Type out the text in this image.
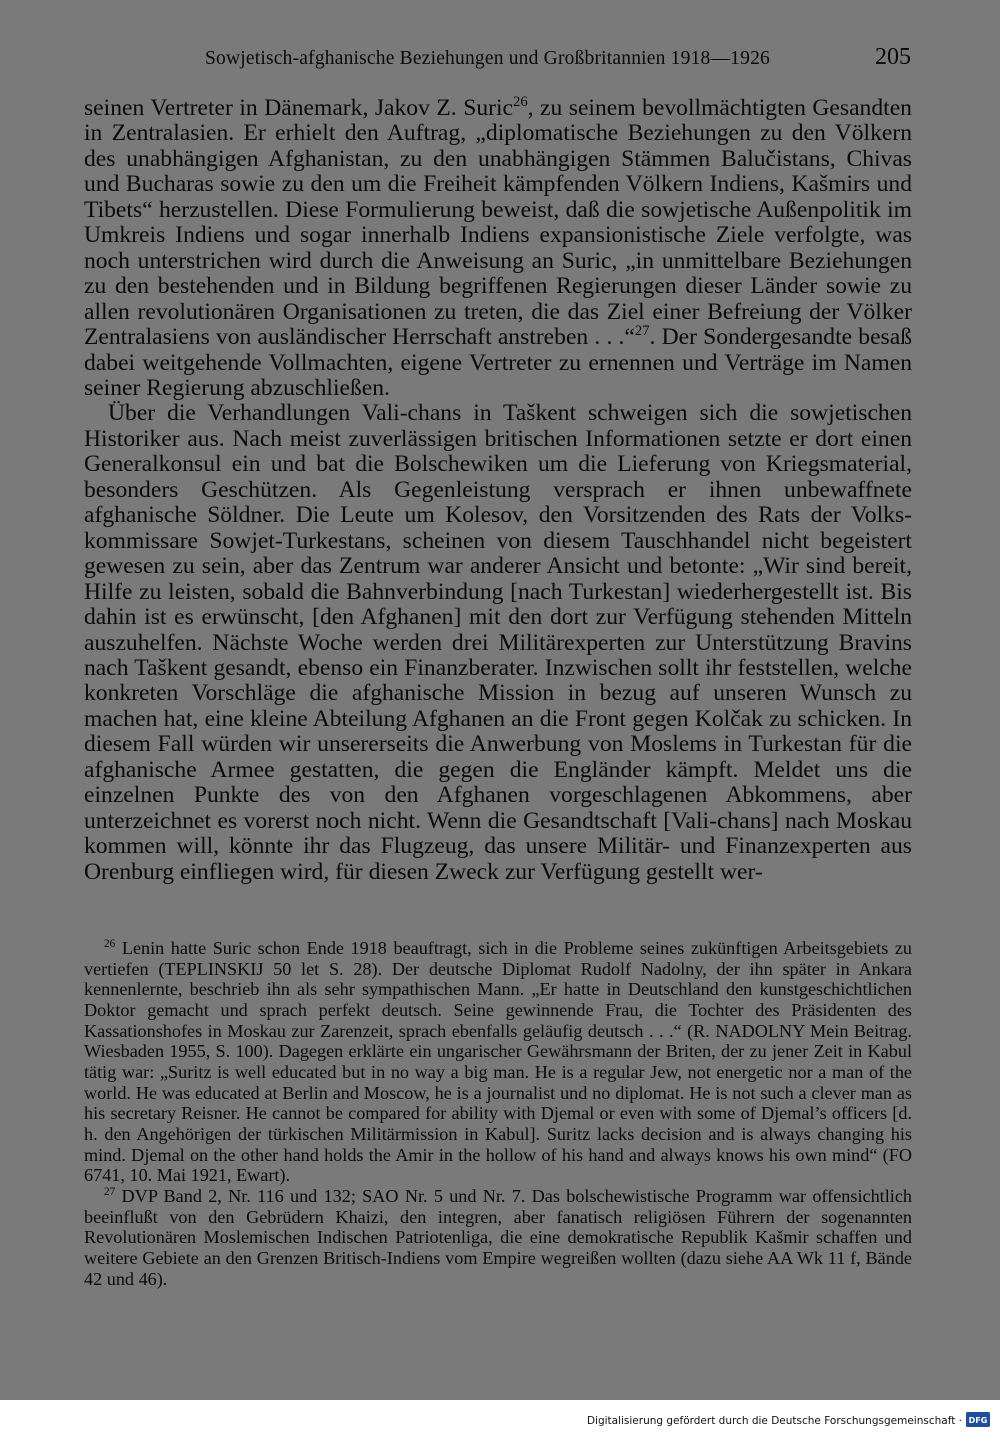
Sowjetisch-afghanische Beziehungen und Großbritannien 1918—1926	205

seinen Vertreter in Dänemark, Jakov Z. Suric$^{26}$, zu seinem bevollmächtigten Gesandten in Zentralasien. Er erhielt den Auftrag, „diplomatische Beziehungen zu den Völkern des unabhängigen Afghanistan, zu den unabhängigen Stämmen Balučistans, Chivas und Bucharas sowie zu den um die Freiheit kämpfenden Völkern Indiens, Kašmirs und Tibets“ herzustellen. Diese Formulierung beweist, daß die sowjetische Außenpolitik im Umkreis Indiens und sogar innerhalb Indiens expansionistische Ziele verfolgte, was noch unterstrichen wird durch die Anweisung an Suric, „in unmittelbare Beziehungen zu den bestehenden und in Bildung begriffenen Regierungen dieser Länder sowie zu allen revolutionären Organisationen zu treten, die das Ziel einer Befreiung der Völker Zentralasiens von ausländischer Herrschaft anstreben . . .“$^{27}$. Der Sondergesandte besaß dabei weitgehende Vollmachten, eigene Vertreter zu ernennen und Verträge im Namen seiner Regierung abzuschließen.

Über die Verhandlungen Vali-chans in Taškent schweigen sich die sowjetischen Historiker aus. Nach meist zuverlässigen britischen Informationen setzte er dort einen Generalkonsul ein und bat die Bolschewiken um die Lieferung von Kriegsmaterial, besonders Geschützen. Als Gegenleistung versprach er ihnen unbewaffnete afghanische Söldner. Die Leute um Kolesov, den Vorsitzenden des Rats der Volkskommissare Sowjet-Turkestans, scheinen von diesem Tauschhandel nicht begeistert gewesen zu sein, aber das Zentrum war anderer Ansicht und betonte: „Wir sind bereit, Hilfe zu leisten, sobald die Bahnverbindung [nach Turkestan] wiederhergestellt ist. Bis dahin ist es erwünscht, [den Afghanen] mit den dort zur Verfügung stehenden Mitteln auszuhelfen. Nächste Woche werden drei Militärexperten zur Unterstützung Bravins nach Taškent gesandt, ebenso ein Finanzberater. Inzwischen sollt ihr feststellen, welche konkreten Vorschläge die afghanische Mission in bezug auf unseren Wunsch zu machen hat, eine kleine Abteilung Afghanen an die Front gegen Kolčak zu schicken. In diesem Fall würden wir unsererseits die Anwerbung von Moslems in Turkestan für die afghanische Armee gestatten, die gegen die Engländer kämpft. Meldet uns die einzelnen Punkte des von den Afghanen vorgeschlagenen Abkommens, aber unterzeichnet es vorerst noch nicht. Wenn die Gesandtschaft [Vali-chans] nach Moskau kommen will, könnte ihr das Flugzeug, das unsere Militär- und Finanzexperten aus Orenburg einfliegen wird, für diesen Zweck zur Verfügung gestellt wer-

$^{26}$ Lenin hatte Suric schon Ende 1918 beauftragt, sich in die Probleme seines zukünftigen Arbeitsgebiets zu vertiefen (TEPLINSKIJ 50 let S. 28). Der deutsche Diplomat Rudolf Nadolny, der ihn später in Ankara kennenlernte, beschrieb ihn als sehr sympathischen Mann. „Er hatte in Deutschland den kunstgeschichtlichen Doktor gemacht und sprach perfekt deutsch. Seine gewinnende Frau, die Tochter des Präsidenten des Kassationshofes in Moskau zur Zarenzeit, sprach ebenfalls geläufig deutsch . . .“ (R. NADOLNY Mein Beitrag. Wiesbaden 1955, S. 100). Dagegen erklärte ein ungarischer Gewährsmann der Briten, der zu jener Zeit in Kabul tätig war: „Suritz is well educated but in no way a big man. He is a regular Jew, not energetic nor a man of the world. He was educated at Berlin and Moscow, he is a journalist und no diplomat. He is not such a clever man as his secretary Reisner. He cannot be compared for ability with Djemal or even with some of Djemal’s officers [d. h. den Angehörigen der türkischen Militärmission in Kabul]. Suritz lacks decision and is always changing his mind. Djemal on the other hand holds the Amir in the hollow of his hand and always knows his own mind“ (FO 6741, 10. Mai 1921, Ewart).

$^{27}$ DVP Band 2, Nr. 116 und 132; SAO Nr. 5 und Nr. 7. Das bolschewistische Programm war offensichtlich beeinflußt von den Gebrüdern Khaizi, den integren, aber fanatisch religiösen Führern der sogenannten Revolutionären Moslemischen Indischen Patriotenliga, die eine demokratische Republik Kašmir schaffen und weitere Gebiete an den Grenzen Britisch-Indiens vom Empire wegreißen wollten (dazu siehe AA Wk 11 f, Bände 42 und 46).

Digitalisierung gefördert durch die Deutsche Forschungsgemeinschaft · DFG
